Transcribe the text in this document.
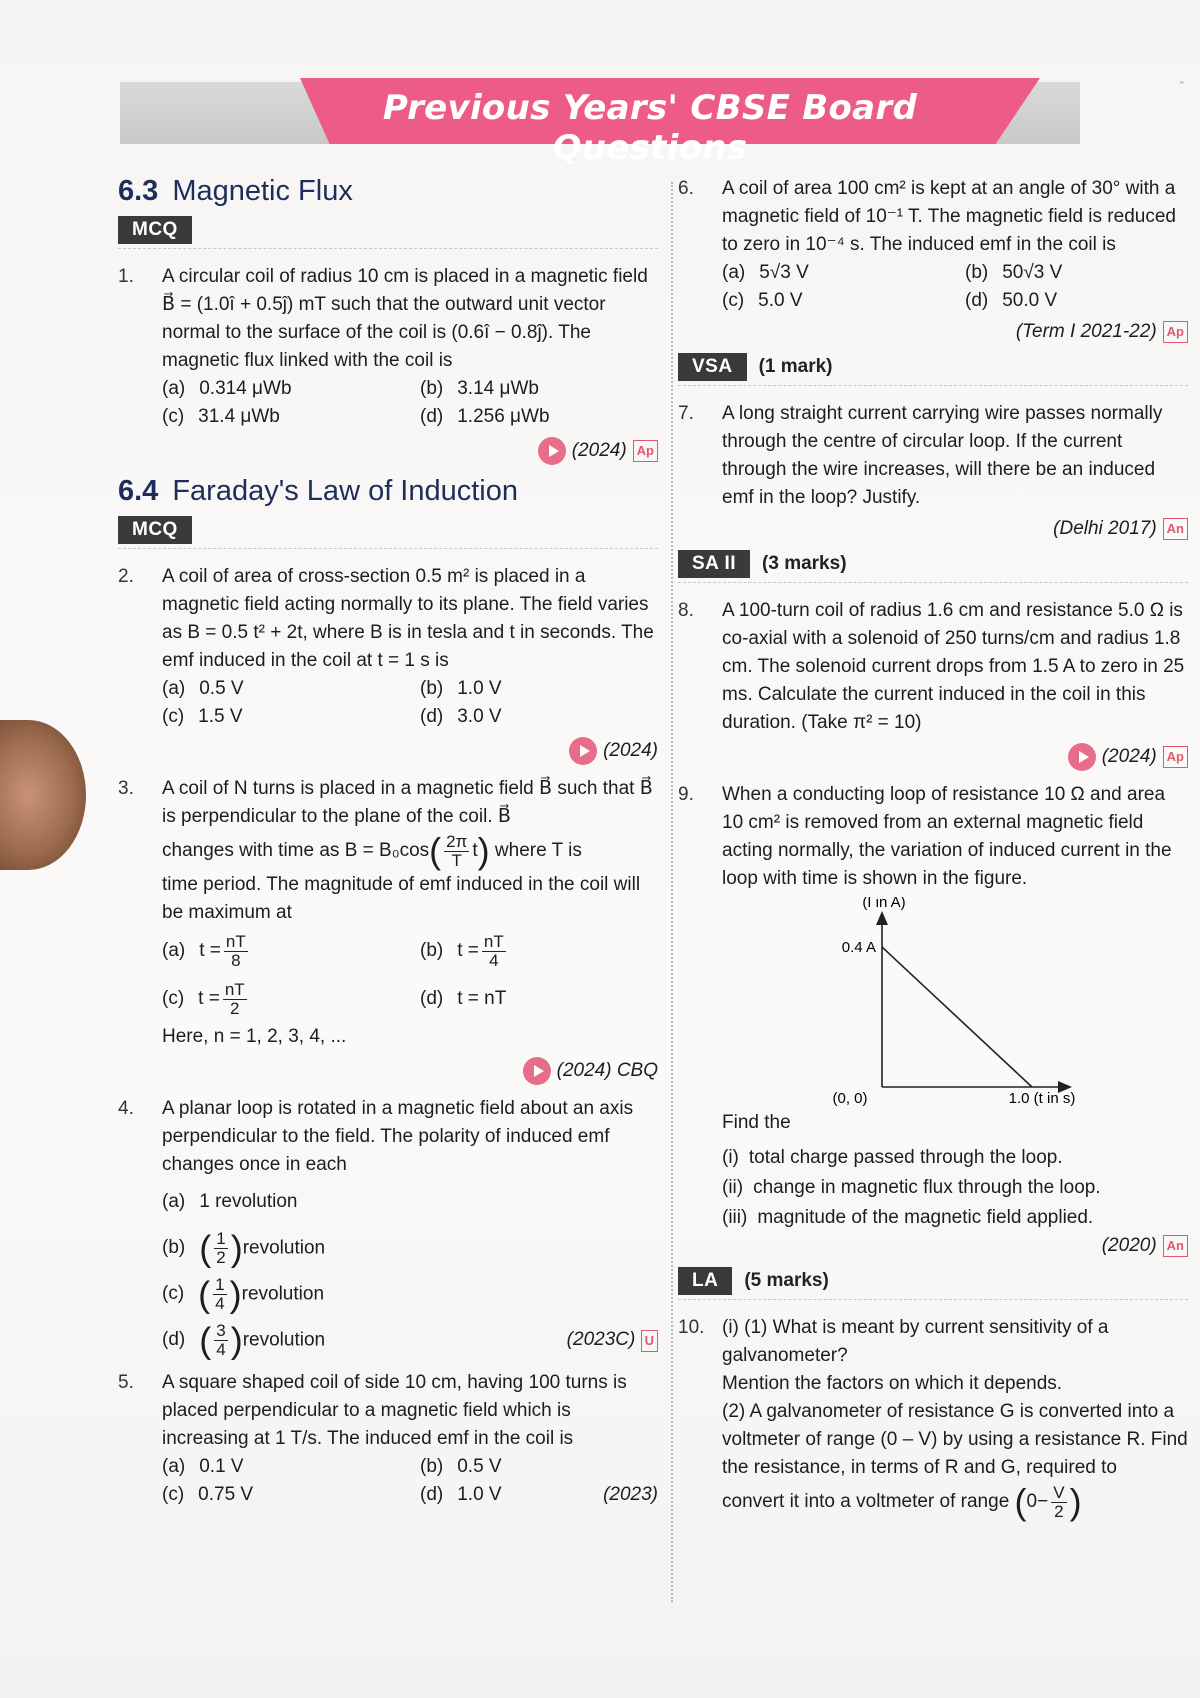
Previous Years' CBSE Board Questions
‘‘
6.3 Magnetic Flux
MCQ
1.	A circular coil of radius 10 cm is placed in a magnetic field B⃗ = (1.0î + 0.5ĵ) mT such that the outward unit vector normal to the surface of the coil is (0.6î − 0.8ĵ). The magnetic flux linked with the coil is
(a) 0.314 μWb	(b) 3.14 μWb
(c) 31.4 μWb	(d) 1.256 μWb
(2024) Ap
6.4 Faraday's Law of Induction
MCQ
2.	A coil of area of cross-section 0.5 m² is placed in a magnetic field acting normally to its plane. The field varies as B = 0.5 t² + 2t, where B is in tesla and t in seconds. The emf induced in the coil at t = 1 s is
(a) 0.5 V	(b) 1.0 V
(c) 1.5 V	(d) 3.0 V
(2024)
3.	A coil of N turns is placed in a magnetic field B⃗ such that B⃗ is perpendicular to the plane of the coil. B⃗
changes with time as $B = B_0\cos( \frac{2\pi}{T} t)$ where T is
time period. The magnitude of emf induced in the coil will be maximum at
(a) $t = \frac{nT}{8}$	(b) $t = \frac{nT}{4}$
(c) $t = \frac{nT}{2}$	(d) t = nT
Here, n = 1, 2, 3, 4, ...
(2024) CBQ
4.	A planar loop is rotated in a magnetic field about an axis perpendicular to the field. The polarity of induced emf changes once in each
(a) 1 revolution
(b) ( $\frac{1}{2}$ )revolution
(c) ( $\frac{1}{4}$ )revolution
(d) ( $\frac{3}{4}$ )revolution	(2023C) U
5.	A square shaped coil of side 10 cm, having 100 turns is placed perpendicular to a magnetic field which is increasing at 1 T/s. The induced emf in the coil is
(a) 0.1 V	(b) 0.5 V
(c) 0.75 V	(d) 1.0 V	(2023)
6.	A coil of area 100 cm² is kept at an angle of 30° with a magnetic field of 10⁻¹ T. The magnetic field is reduced to zero in 10⁻⁴ s. The induced emf in the coil is
(a) 5√3 V	(b) 50√3 V
(c) 5.0 V	(d) 50.0 V
(Term I 2021-22) Ap
VSA	(1 mark)
7.	A long straight current carrying wire passes normally through the centre of circular loop. If the current through the wire increases, will there be an induced emf in the loop? Justify.
(Delhi 2017) An
SA II	(3 marks)
8.	A 100-turn coil of radius 1.6 cm and resistance 5.0 Ω is co-axial with a solenoid of 250 turns/cm and radius 1.8 cm. The solenoid current drops from 1.5 A to zero in 25 ms. Calculate the current induced in the coil in this duration. (Take π² = 10)
(2024) Ap
9.	When a conducting loop of resistance 10 Ω and area 10 cm² is removed from an external magnetic field acting normally, the variation of induced current in the loop with time is shown in the figure.
(I in A)
0.4 A
(0, 0)	1.0 (t in s)
Find the
(i) total charge passed through the loop.
(ii) change in magnetic flux through the loop.
(iii) magnitude of the magnetic field applied.
(2020) An
LA	(5 marks)
10. (i) (1) What is meant by current sensitivity of a galvanometer?
Mention the factors on which it depends.
(2) A galvanometer of resistance G is converted into a voltmeter of range (0 – V) by using a resistance R. Find the resistance, in terms of R and G, required to
convert it into a voltmeter of range ($0- \frac{V}{2}$ )
